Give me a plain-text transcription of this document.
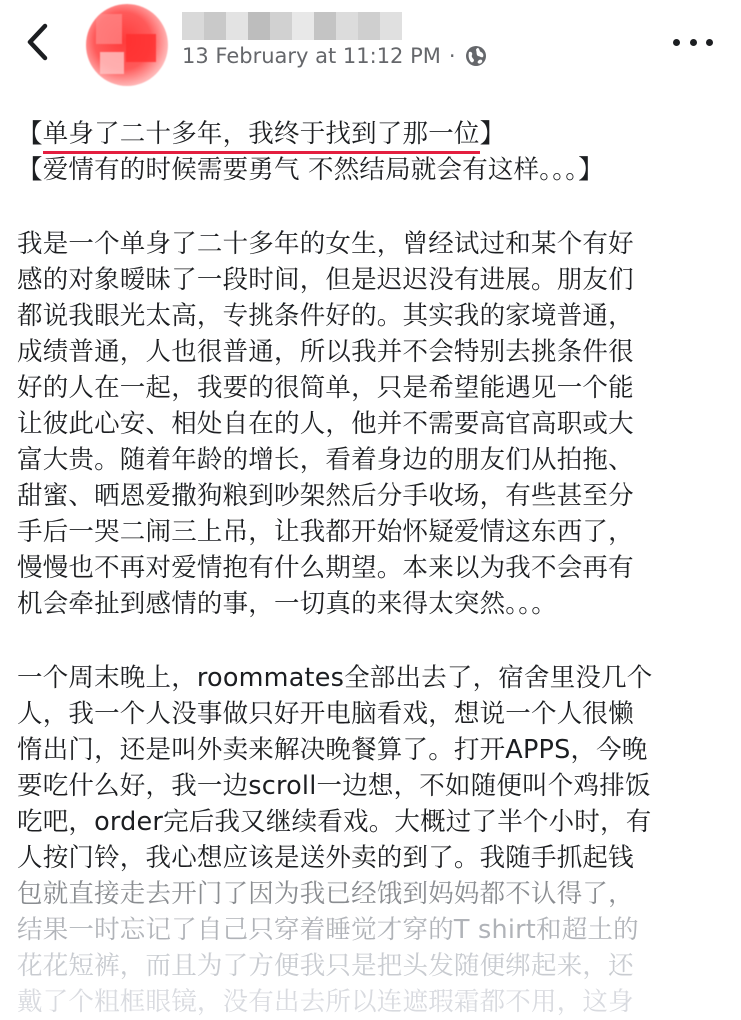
13 February at 11:12 PM ·

【单身了二十多年，我终于找到了那一位】

【爱情有的时候需要勇气 不然结局就会有这样。。。】

我是一个单身了二十多年的女生，曾经试过和某个有好

感的对象暧昧了一段时间，但是迟迟没有进展。朋友们

都说我眼光太高，专挑条件好的。其实我的家境普通，

成绩普通，人也很普通，所以我并不会特别去挑条件很

好的人在一起，我要的很简单，只是希望能遇见一个能

让彼此心安、相处自在的人，他并不需要高官高职或大

富大贵。随着年龄的增长，看着身边的朋友们从拍拖、

甜蜜、晒恩爱撒狗粮到吵架然后分手收场，有些甚至分

手后一哭二闹三上吊，让我都开始怀疑爱情这东西了，

慢慢也不再对爱情抱有什么期望。本来以为我不会再有

机会牵扯到感情的事，一切真的来得太突然。。。

一个周末晚上，roommates全部出去了，宿舍里没几个

人，我一个人没事做只好开电脑看戏，想说一个人很懒

惰出门，还是叫外卖来解决晚餐算了。打开APPS，今晚

要吃什么好，我一边scroll一边想，不如随便叫个鸡排饭

吃吧，order完后我又继续看戏。大概过了半个小时，有

人按门铃，我心想应该是送外卖的到了。我随手抓起钱

包就直接走去开门了因为我已经饿到妈妈都不认得了，

结果一时忘记了自己只穿着睡觉才穿的T shirt和超土的

花花短裤，而且为了方便我只是把头发随便绑起来，还

戴了个粗框眼镜，没有出去所以连遮瑕霜都不用，这身
